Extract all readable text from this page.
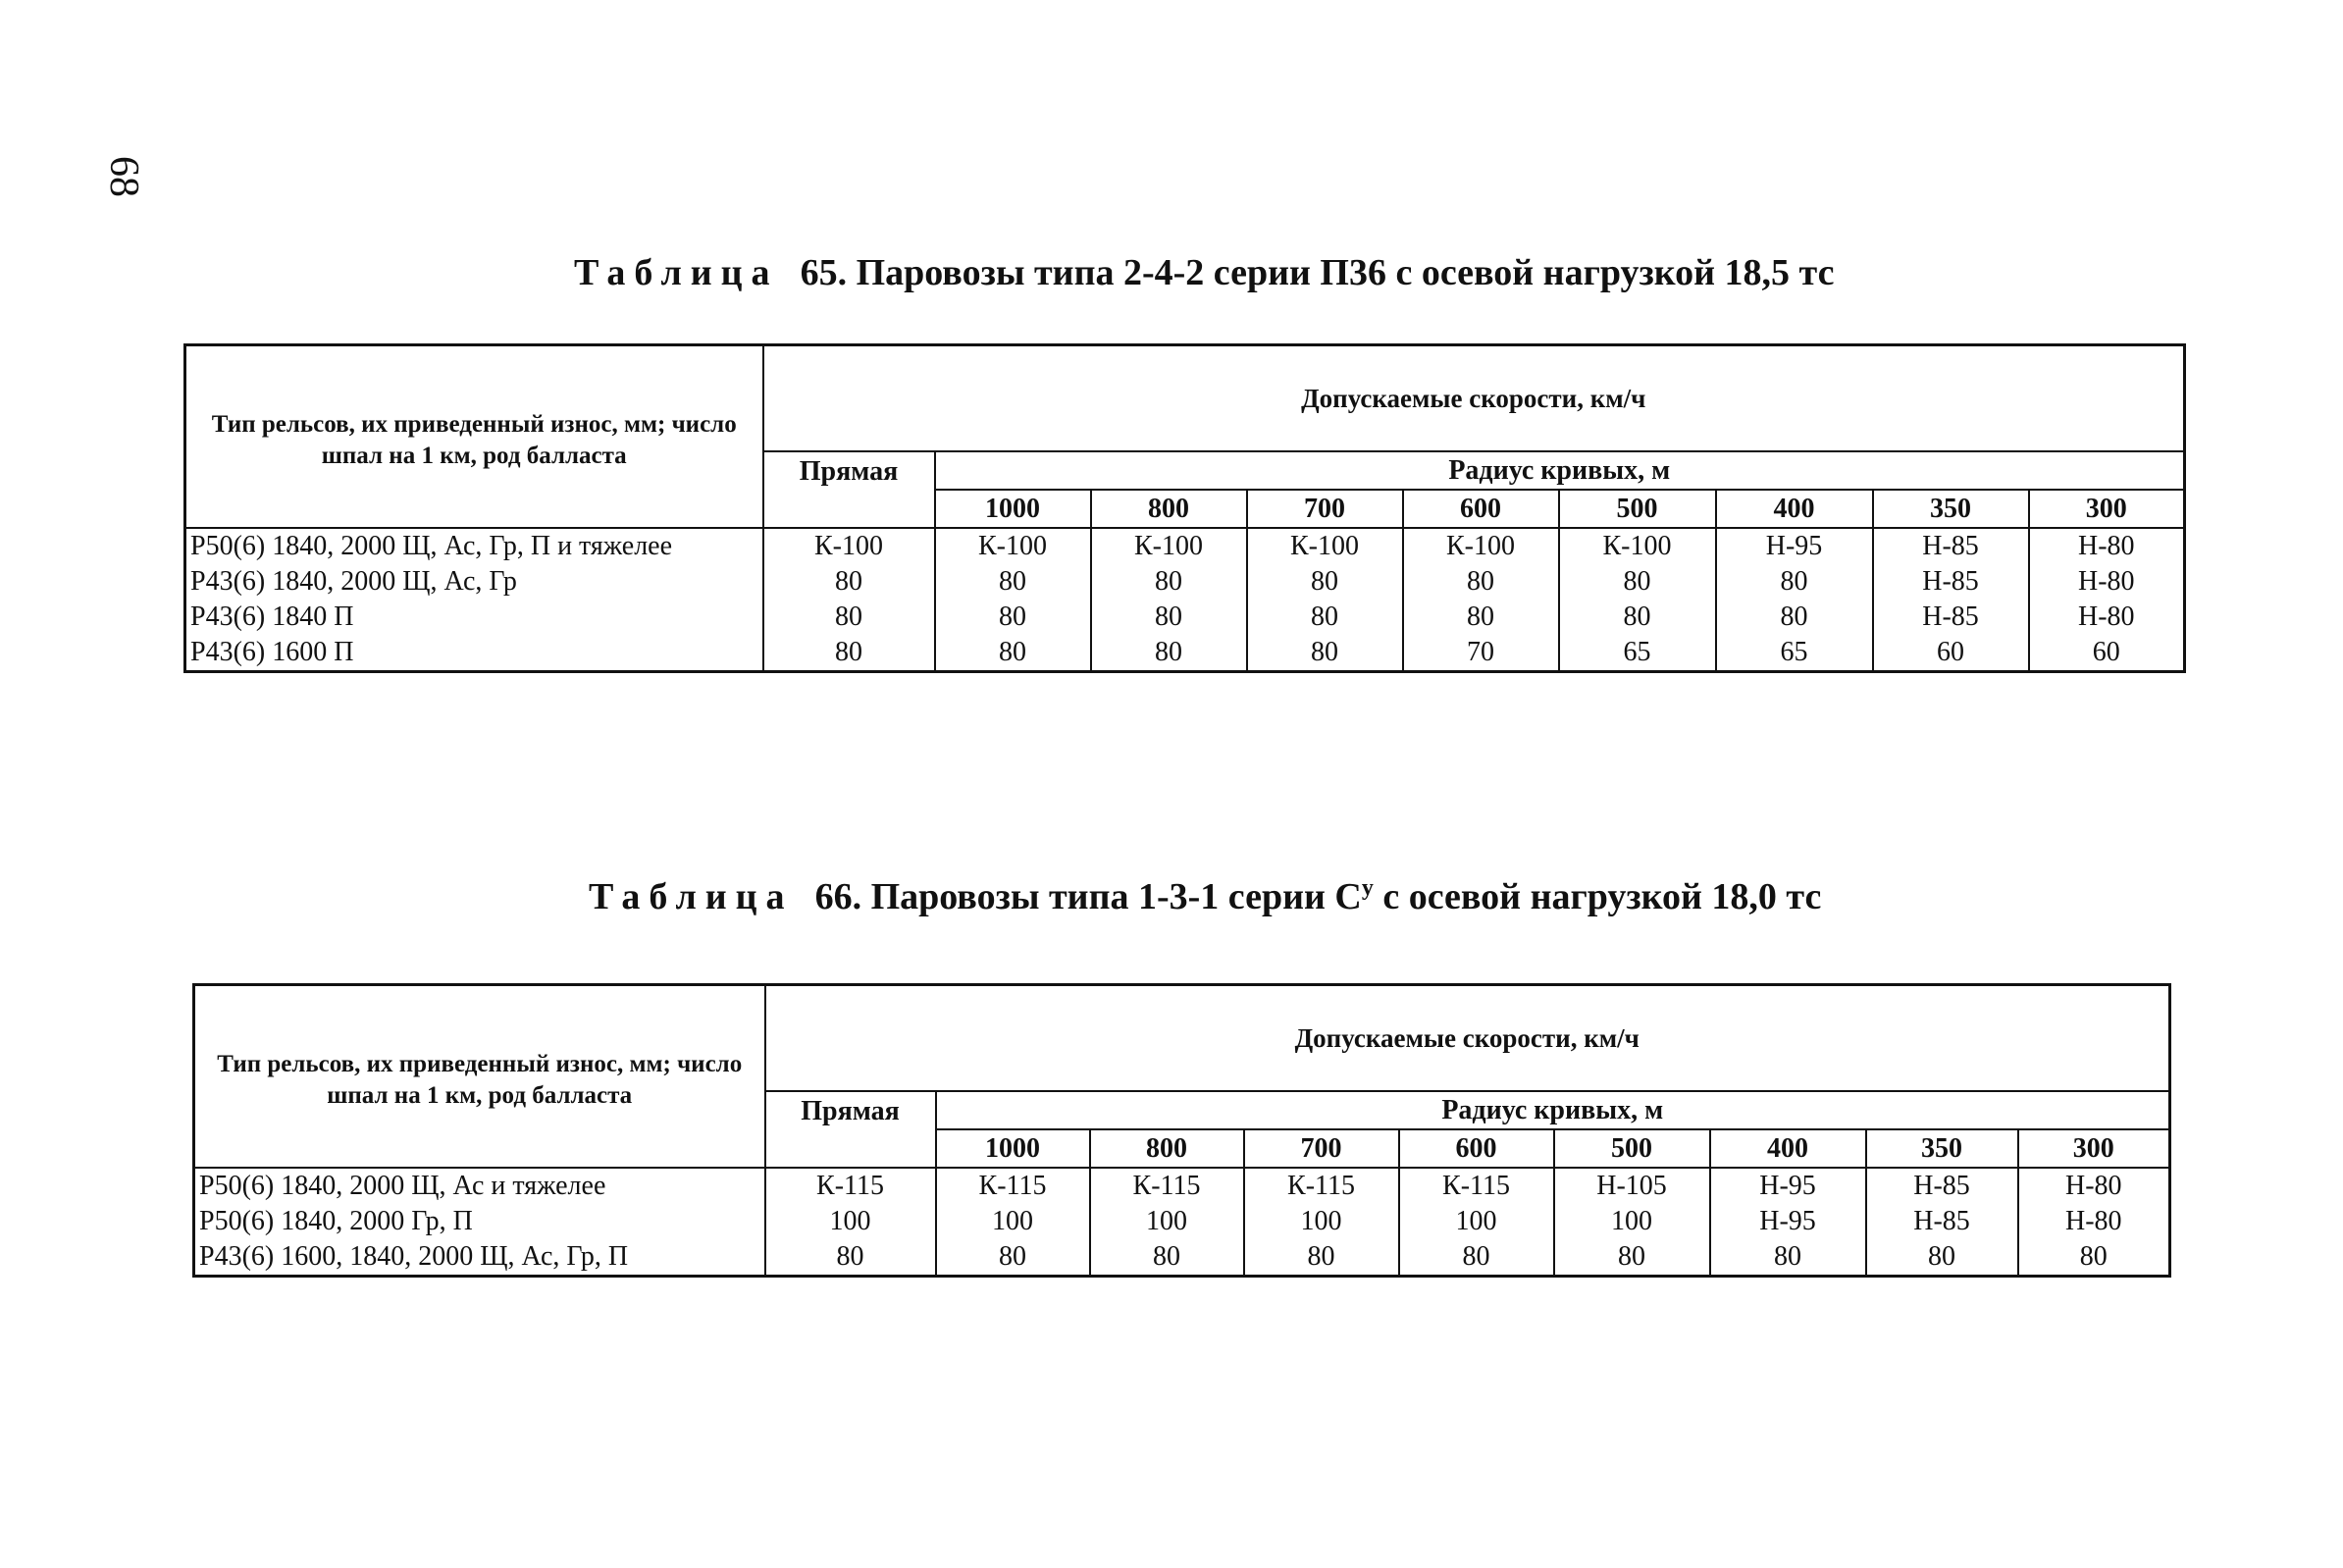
68
Таблица 65. Паровозы типа 2-4-2 серии П36 с осевой нагрузкой 18,5 тс
Тип рельсов, их приведенный износ, мм; число шпал на 1 км, род балласта	Допускаемые скорости, км/ч								
	Прямая	Радиус кривых, м							
		1000	800	700	600	500	400	350	300
Р50(6) 1840, 2000 Щ, Ас, Гр, П и тяжелее	К-100	К-100	К-100	К-100	К-100	К-100	Н-95	Н-85	Н-80
Р43(6) 1840, 2000 Щ, Ас, Гр	80	80	80	80	80	80	80	Н-85	Н-80
Р43(6) 1840 П	80	80	80	80	80	80	80	Н-85	Н-80
Р43(6) 1600 П	80	80	80	80	70	65	65	60	60
Таблица 66. Паровозы типа 1-3-1 серии $С^у$ с осевой нагрузкой 18,0 тс
Тип рельсов, их приведенный износ, мм; число шпал на 1 км, род балласта	Допускаемые скорости, км/ч								
	Прямая	Радиус кривых, м							
		1000	800	700	600	500	400	350	300
Р50(6) 1840, 2000 Щ, Ас и тяжелее	К-115	К-115	К-115	К-115	К-115	Н-105	Н-95	Н-85	Н-80
Р50(6) 1840, 2000 Гр, П	100	100	100	100	100	100	Н-95	Н-85	Н-80
Р43(6) 1600, 1840, 2000 Щ, Ас, Гр, П	80	80	80	80	80	80	80	80	80
